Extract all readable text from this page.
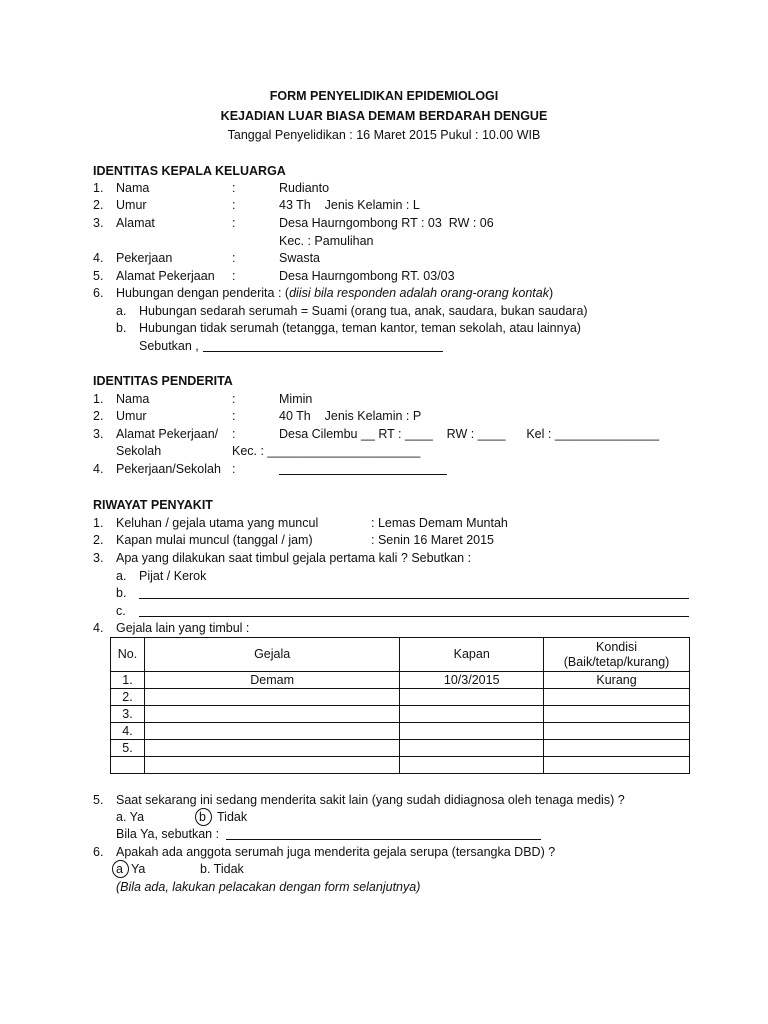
FORM PENYELIDIKAN EPIDEMIOLOGI
KEJADIAN LUAR BIASA DEMAM BERDARAH DENGUE
Tanggal Penyelidikan : 16 Maret 2015 Pukul : 10.00 WIB
IDENTITAS KEPALA KELUARGA
1. Nama	:	Rudianto
2. Umur	:	43 Th    Jenis Kelamin : L
3. Alamat	:	Desa Haurngombong RT : 03  RW : 06
Kec. : Pamulihan
4. Pekerjaan	:	Swasta
5. Alamat Pekerjaan :	Desa Haurngombong RT. 03/03
6. Hubungan dengan penderita : (diisi bila responden adalah orang-orang kontak)
a. Hubungan sedarah serumah = Suami (orang tua, anak, saudara, bukan saudara)
b. Hubungan tidak serumah (tetangga, teman kantor, teman sekolah, atau lainnya)
Sebutkan ,
IDENTITAS PENDERITA
1. Nama	:	Mimin
2. Umur	:	40 Th    Jenis Kelamin : P
3. Alamat Pekerjaan/ :	Desa Cilembu __ RT : ____    RW : ____      Kel : _______________
Sekolah	Kec. : ______________________
4. Pekerjaan/Sekolah :
RIWAYAT PENYAKIT
1. Keluhan / gejala utama yang muncul	: Lemas Demam Muntah
2. Kapan mulai muncul (tanggal / jam)	: Senin 16 Maret 2015
3. Apa yang dilakukan saat timbul gejala pertama kali ? Sebutkan :
a. Pijat / Kerok
b.
c.
4. Gejala lain yang timbul :
No.	Gejala	Kapan	Kondisi
(Baik/tetap/kurang)

1.	Demam	10/3/2015	Kurang
2.			
3.			
4.			
5.			

5. Saat sekarang ini sedang menderita sakit lain (yang sudah didiagnosa oleh tenaga medis) ?
a. Ya	b Tidak
Bila Ya, sebutkan :
6. Apakah ada anggota serumah juga menderita gejala serupa (tersangka DBD) ?
a Ya	b. Tidak
(Bila ada, lakukan pelacakan dengan form selanjutnya)
